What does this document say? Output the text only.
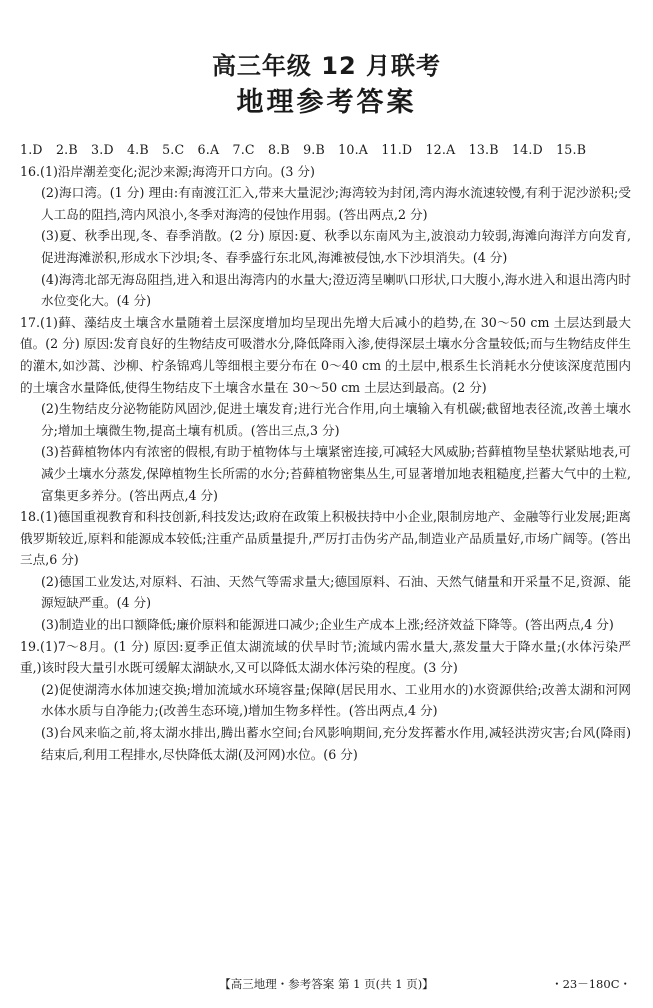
高三年级 12 月联考
地理参考答案
1.D 2.B 3.D 4.B 5.C 6.A 7.C 8.B 9.B 10.A 11.D 12.A 13.B 14.D 15.B

16.(1)沿岸潮差变化;泥沙来源;海湾开口方向。(3 分)

(2)海口湾。(1 分) 理由:有南渡江汇入,带来大量泥沙;海湾较为封闭,湾内海水流速较慢,有利于泥沙淤积;受人工岛的阻挡,湾内风浪小,冬季对海湾的侵蚀作用弱。(答出两点,2 分)

(3)夏、秋季出现,冬、春季消散。(2 分) 原因:夏、秋季以东南风为主,波浪动力较弱,海滩向海洋方向发育,促进海滩淤积,形成水下沙垻;冬、春季盛行东北风,海滩被侵蚀,水下沙垻消失。(4 分)

(4)海湾北部无海岛阻挡,进入和退出海湾内的水量大;澄迈湾呈喇叭口形状,口大腹小,海水进入和退出湾内时水位变化大。(4 分)

17.(1)藓、藻结皮土壤含水量随着土层深度增加均呈现出先增大后减小的趋势,在 30～50 cm 土层达到最大值。(2 分) 原因:发育良好的生物结皮可吸潜水分,降低降雨入渗,使得深层土壤水分含量较低;而与生物结皮伴生的灌木,如沙蒿、沙柳、柠条锦鸡儿等细根主要分布在 0～40 cm 的土层中,根系生长消耗水分使该深度范围内的土壤含水量降低,使得生物结皮下土壤含水量在 30～50 cm 土层达到最高。(2 分)

(2)生物结皮分泌物能防风固沙,促进土壤发育;进行光合作用,向土壤输入有机碳;截留地表径流,改善土壤水分;增加土壤微生物,提高土壤有机质。(答出三点,3 分)

(3)苔藓植物体内有浓密的假根,有助于植物体与土壤紧密连接,可减轻大风威胁;苔藓植物呈垫状紧贴地表,可减少土壤水分蒸发,保障植物生长所需的水分;苔藓植物密集丛生,可显著增加地表粗糙度,拦蓄大气中的土粒,富集更多养分。(答出两点,4 分)

18.(1)德国重视教育和科技创新,科技发达;政府在政策上积极扶持中小企业,限制房地产、金融等行业发展;距离俄罗斯较近,原料和能源成本较低;注重产品质量提升,严厉打击伪劣产品,制造业产品质量好,市场广阔等。(答出三点,6 分)

(2)德国工业发达,对原料、石油、天然气等需求量大;德国原料、石油、天然气储量和开采量不足,资源、能源短缺严重。(4 分)

(3)制造业的出口额降低;廉价原料和能源进口减少;企业生产成本上涨;经济效益下降等。(答出两点,4 分)

19.(1)7～8月。(1 分) 原因:夏季正值太湖流域的伏旱时节;流域内需水量大,蒸发量大于降水量;(水体污染严重,)该时段大量引水既可缓解太湖缺水,又可以降低太湖水体污染的程度。(3 分)

(2)促使湖湾水体加速交换;增加流域水环境容量;保障(居民用水、工业用水的)水资源供给;改善太湖和河网水体水质与自净能力;(改善生态环境,)增加生物多样性。(答出两点,4 分)

(3)台风来临之前,将太湖水排出,腾出蓄水空间;台风影响期间,充分发挥蓄水作用,减轻洪涝灾害;台风(降雨)结束后,利用工程排水,尽快降低太湖(及河网)水位。(6 分)

【高三地理・参考答案 第 1 页(共 1 页)】	・23－180C・
